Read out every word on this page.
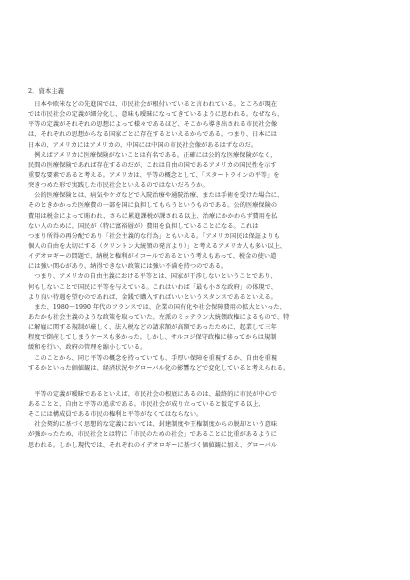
2．資本主義
　日本や欧米などの先進国では、市民社会が根付いていると言われている。ところが現在
では市民社会の定義が細分化し、意味も曖昧になってきているように思われる。なぜなら、
平等の定義がそれぞれの思想によって様々であるほど、そこから導き出される市民社会像
は、それぞれの思想からなる国家ごとに存在するといえるからである。つまり、日本には
日本の、アメリカにはアメリカの、中国には中国の市民社会像があるはずなのだ。
　例えばアメリカに医療保険がないことは有名である。正確には公的な医療保険がなく、
民間の医療保険であれば存在するのだが、これは自由の国であるアメリカの国民性を示す
重要な要素であると考える。アメリカは、平等の概念として、「スタートラインの平等」を
突きつめた形で実践した市民社会といえるのではないだろうか。
　公的医療保険とは、病気やケガなどで入院治療や通院治療、または手術を受けた場合に、
そのときかかった医療費の一部を国に負担してもらうというものである。公的医療保険の
費用は税金によって賄われ、さらに累進課税が課される以上、治療にかかわらず費用を払
ない人のために、国民が（特に富裕層が）費用を負担していることになる。これは
つまり所得の再分配であり「社会主義的な行為」ともいえる。「アメリカ国民は保証よりも
個人の自由を大切にする（クリントン大統領の発言より）」と考えるアメリカ人も多い以上、
イデオロギーの問題で、納税と権利がイコールであるという考えもあって、税金の使い道
には強い関心があり、納得できない政策には強い不満を持つのである。
　つまり、アメリカの自由主義における平等とは、国家が干渉しないということであり、
何もしないことで国民に平等を与えている。これはいわば「最も小さな政府」の体現で、
より良い待遇を望むのであれば、金銭で購入すればいいというスタンスであるといえる。
　また、1980～1990 年代のフランスでは、企業の国有化や社会保障費用の拡大といった、
あたかも社会主義のような政策を取っていた。左派のミッテラン大統領政権によるもので、特
に解雇に関する規制が厳しく、法人税などの請求額が高額であったために、起業して三年
程度で倒産してしまうケースも多かった。しかし、サルコジ保守政権に移ってからは規制
緩和を行い、政府の管理を縮小している。
　このことから、同じ平等の概念を持っていても、手厚い保障を重視するか、自由を重視
するかといった価値観は、経済状況やグローバル化の影響などで変化していると考えられる。
　平等の定義が曖昧であるといえば、市民社会の根底にあるのは、最終的に市民が中心で
あることと、自由と平等の追求である。市民社会が成り立っていると仮定する以上、
そこには構成員である市民の権利と平等がなくてはならない。
　社会契約に基づく思想的な定義においては、封建制度や王権制度からの脱却という意味
が強かったため、市民社会とは特に「市民のための社会」であることに比重があるように
思われる。しかし現代では、それぞれのイデオロギーに基づく価値観に加え、グローバル
